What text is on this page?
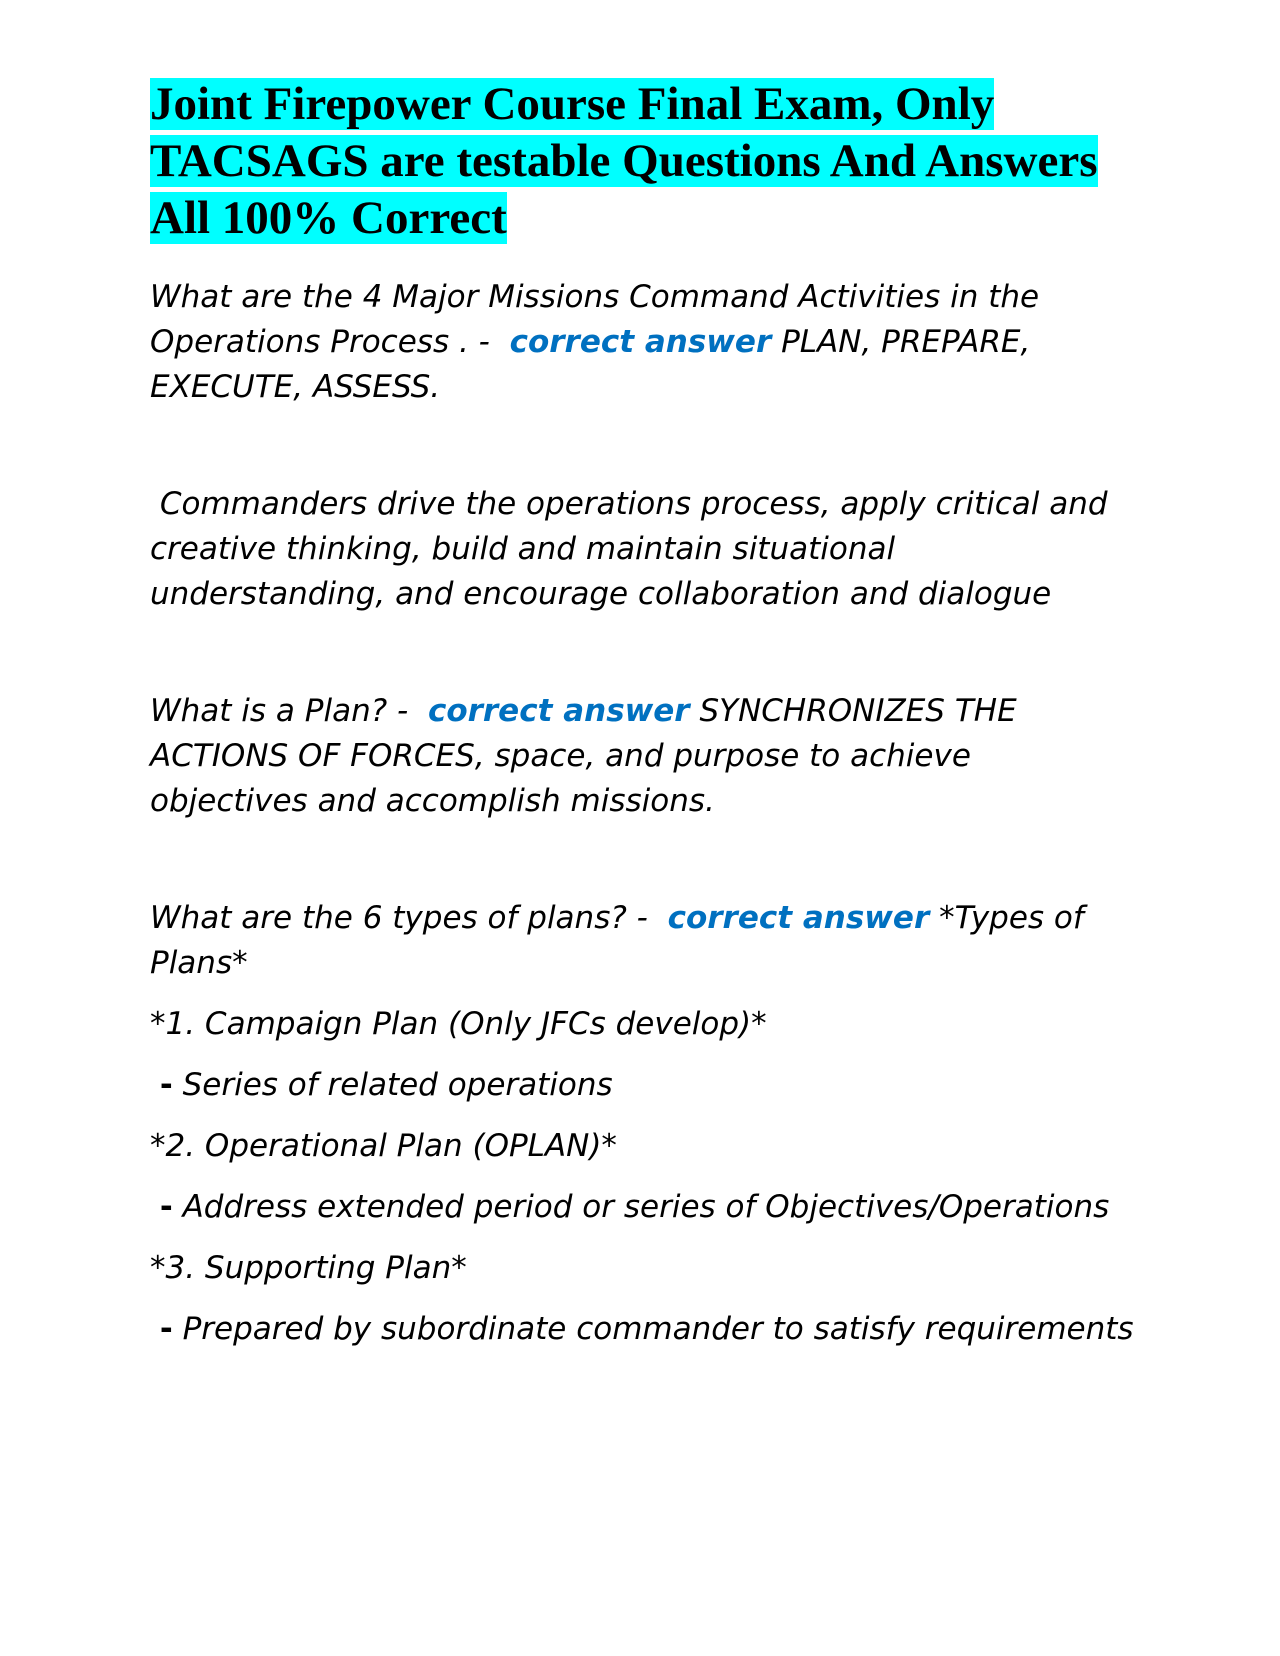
Joint Firepower Course Final Exam, Only TACSAGS are testable Questions And Answers All 100% Correct

What are the 4 Major Missions Command Activities in the Operations Process . - correct answer PLAN, PREPARE, EXECUTE, ASSESS.

Commanders drive the operations process, apply critical and creative thinking, build and maintain situational understanding, and encourage collaboration and dialogue

What is a Plan? - correct answer SYNCHRONIZES THE ACTIONS OF FORCES, space, and purpose to achieve objectives and accomplish missions.

What are the 6 types of plans? - correct answer *Types of Plans*

*1. Campaign Plan (Only JFCs develop)*

- Series of related operations

*2. Operational Plan (OPLAN)*

- Address extended period or series of Objectives/Operations

*3. Supporting Plan*

- Prepared by subordinate commander to satisfy requirements
